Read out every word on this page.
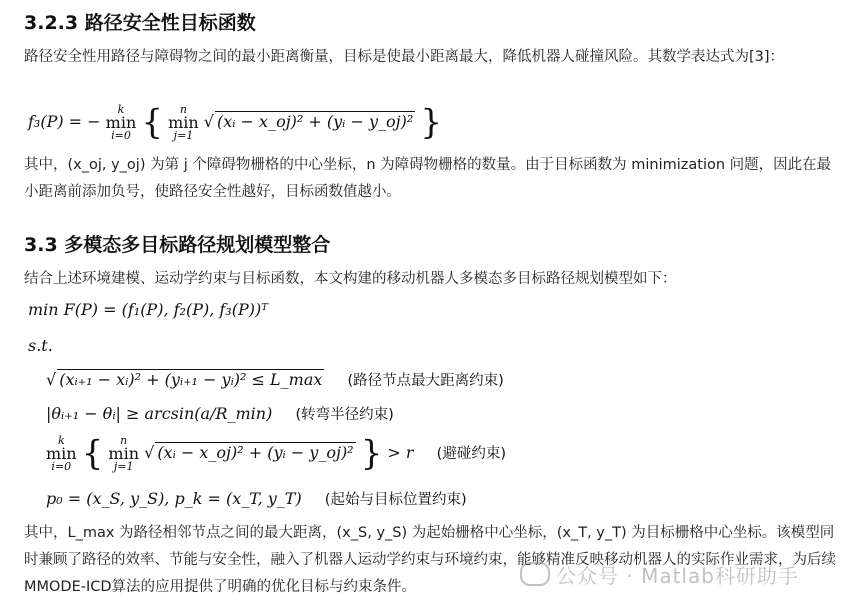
3.2.3 路径安全性目标函数

路径安全性用路径与障碍物之间的最小距离衡量，目标是使最小距离最大，降低机器人碰撞风险。其数学表达式为[3]：

f₃(P) = −
k
min
i=0 {	n
min
j=1
√ (xᵢ − x_oj)² + (yᵢ − y_oj)² }

其中，(x_oj, y_oj) 为第 j 个障碍物栅格的中心坐标，n 为障碍物栅格的数量。由于目标函数为 minimization 问题，因此在最小距离前添加负号，使路径安全性越好，目标函数值越小。

3.3 多模态多目标路径规划模型整合

结合上述环境建模、运动学约束与目标函数，本文构建的移动机器人多模态多目标路径规划模型如下：

min F(P) = (f₁(P), f₂(P), f₃(P))ᵀ
s.t.
√ (xᵢ₊₁ − xᵢ)² + (yᵢ₊₁ − yᵢ)² ≤ L_max (路径节点最大距离约束)
|θᵢ₊₁ − θᵢ| ≥ arcsin(a/R_min) (转弯半径约束)
k
min
i=0 {	n
min
j=1
√ (xᵢ − x_oj)² + (yᵢ − y_oj)² } > r (避碰约束)
p₀ = (x_S, y_S), p_k = (x_T, y_T) (起始与目标位置约束)

其中，L_max 为路径相邻节点之间的最大距离，(x_S, y_S) 为起始栅格中心坐标，(x_T, y_T) 为目标栅格中心坐标。该模型同时兼顾了路径的效率、节能与安全性，融入了机器人运动学约束与环境约束，能够精准反映移动机器人的实际作业需求，为后续MMODE-ICD算法的应用提供了明确的优化目标与约束条件。	公众号 · Matlab科研助手
